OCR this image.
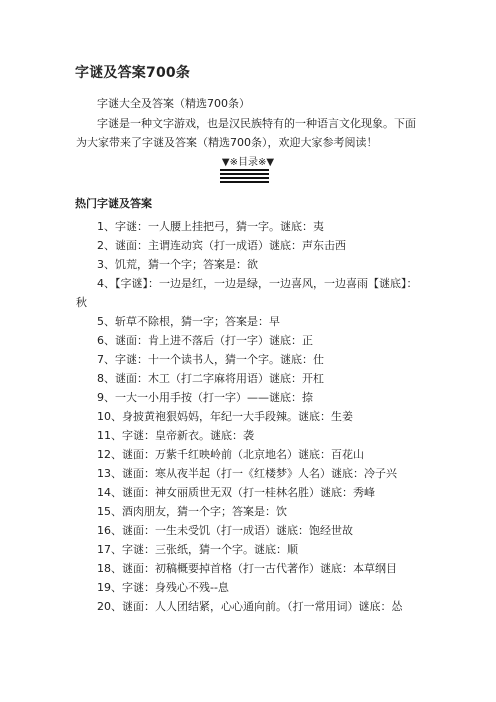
字谜及答案700条
字谜大全及答案（精选700条）
字谜是一种文字游戏，也是汉民族特有的一种语言文化现象。下面为大家带来了字谜及答案（精选700条），欢迎大家参考阅读！
▼※目录※▼
热门字谜及答案
1、字谜：一人腰上挂把弓，猜一字。谜底：夷
2、谜面：主谓连动宾（打一成语）谜底：声东击西
3、饥荒，猜一个字；答案是：欲
4、【字谜】：一边是红，一边是绿，一边喜风，一边喜雨【谜底】：秋
5、斩草不除根，猜一字；答案是：早
6、谜面：肯上进不落后（打一字）谜底：正
7、字谜：十一个读书人，猜一个字。谜底：仕
8、谜面：木工（打二字麻将用语）谜底：开杠
9、一大一小用手按（打一字）——谜底：捺
10、身披黄袍狠妈妈，年纪一大手段辣。谜底：生姜
11、字谜：皇帝新衣。谜底：袭
12、谜面：万紫千红映岭前（北京地名）谜底：百花山
13、谜面：寒从夜半起（打一《红楼梦》人名）谜底：冷子兴
14、谜面：神女丽质世无双（打一桂林名胜）谜底：秀峰
15、酒肉朋友，猜一个字；答案是：饮
16、谜面：一生未受饥（打一成语）谜底：饱经世故
17、字谜：三张纸，猜一个字。谜底：顺
18、谜面：初稿概要掉首格（打一古代著作）谜底：本草纲目
19、字谜：身残心不残--息
20、谜面：人人团结紧，心心通向前。（打一常用词）谜底：怂
